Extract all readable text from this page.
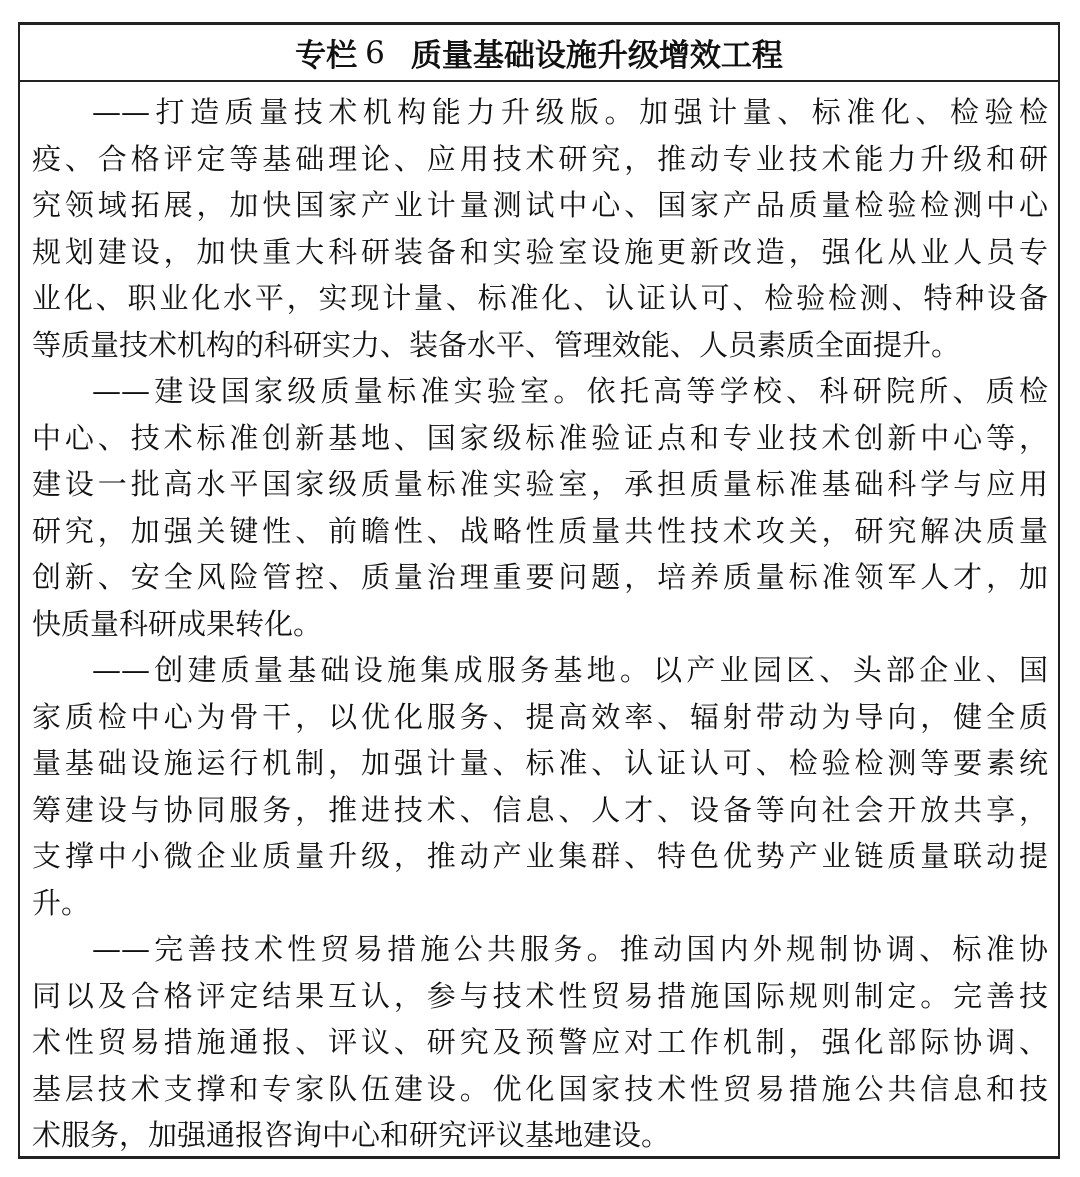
专栏 6 质量基础设施升级增效工程
——打造质量技术机构能力升级版。加强计量、标准化、检验检
疫、合格评定等基础理论、应用技术研究，推动专业技术能力升级和研
究领域拓展，加快国家产业计量测试中心、国家产品质量检验检测中心
规划建设，加快重大科研装备和实验室设施更新改造，强化从业人员专
业化、职业化水平，实现计量、标准化、认证认可、检验检测、特种设备
等质量技术机构的科研实力、装备水平、管理效能、人员素质全面提升。
——建设国家级质量标准实验室。依托高等学校、科研院所、质检
中心、技术标准创新基地、国家级标准验证点和专业技术创新中心等，
建设一批高水平国家级质量标准实验室，承担质量标准基础科学与应用
研究，加强关键性、前瞻性、战略性质量共性技术攻关，研究解决质量
创新、安全风险管控、质量治理重要问题，培养质量标准领军人才，加
快质量科研成果转化。
——创建质量基础设施集成服务基地。以产业园区、头部企业、国
家质检中心为骨干，以优化服务、提高效率、辐射带动为导向，健全质
量基础设施运行机制，加强计量、标准、认证认可、检验检测等要素统
筹建设与协同服务，推进技术、信息、人才、设备等向社会开放共享，
支撑中小微企业质量升级，推动产业集群、特色优势产业链质量联动提
升。
——完善技术性贸易措施公共服务。推动国内外规制协调、标准协
同以及合格评定结果互认，参与技术性贸易措施国际规则制定。完善技
术性贸易措施通报、评议、研究及预警应对工作机制，强化部际协调、
基层技术支撑和专家队伍建设。优化国家技术性贸易措施公共信息和技
术服务，加强通报咨询中心和研究评议基地建设。
